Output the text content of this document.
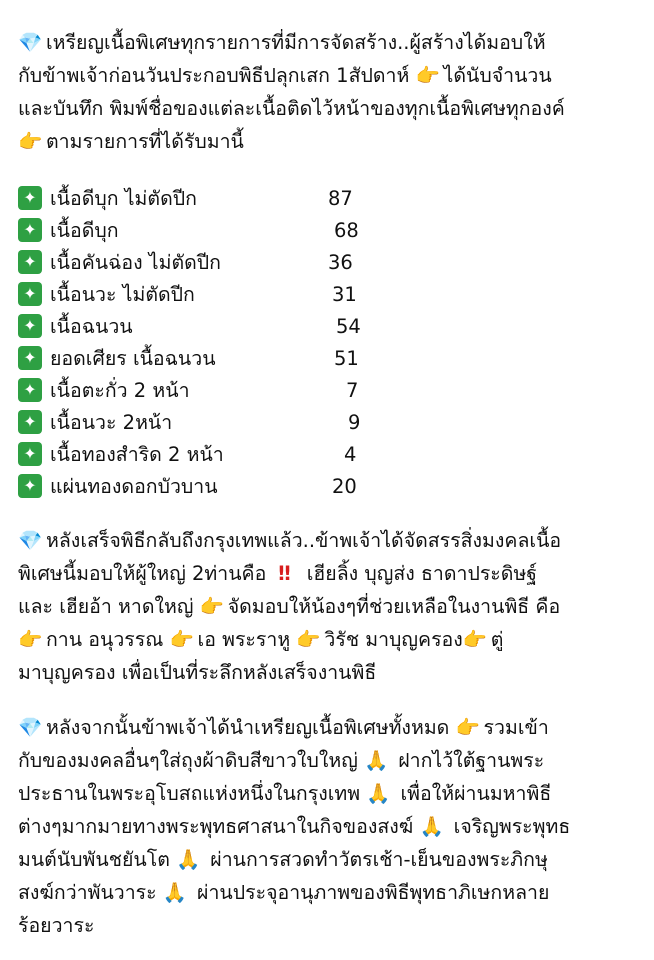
💎 เหรียญเนื้อพิเศษทุกรายการที่มีการจัดสร้าง..ผู้สร้างได้มอบให้
กับข้าพเจ้าก่อนวันประกอบพิธีปลุกเสก 1สัปดาห์ 👉 ได้นับจำนวน
และบันทึก พิมพ์ชื่อของแต่ละเนื้อติดไว้หน้าของทุกเนื้อพิเศษทุกองค์
👉 ตามรายการที่ได้รับมานี้

✦ เนื้อดีบุก ไม่ตัดปีก	87
✦ เนื้อดีบุก	68
✦ เนื้อคันฉ่อง ไม่ตัดปีก	36
✦ เนื้อนวะ ไม่ตัดปีก	31
✦ เนื้อฉนวน	54
✦ ยอดเศียร เนื้อฉนวน	51
✦ เนื้อตะกั่ว 2 หน้า	7
✦ เนื้อนวะ 2หน้า	9
✦ เนื้อทองสำริด 2 หน้า	4
✦ แผ่นทองดอกบัวบาน	20

💎 หลังเสร็จพิธีกลับถึงกรุงเทพแล้ว..ข้าพเจ้าได้จัดสรรสิ่งมงคลเนื้อ
พิเศษนี้มอบให้ผู้ใหญ่ 2ท่านคือ ‼ เฮียลิ้ง บุญส่ง ธาดาประดิษฐ์
และ เฮียอ้า หาดใหญ่ 👉 จัดมอบให้น้องๆที่ช่วยเหลือในงานพิธี คือ
👉 กาน อนุวรรณ 👉 เอ พระราหู 👉 วิรัช มาบุญครอง👉 ตู่
มาบุญครอง เพื่อเป็นที่ระลึกหลังเสร็จงานพิธี

💎 หลังจากนั้นข้าพเจ้าได้นำเหรียญเนื้อพิเศษทั้งหมด 👉 รวมเข้า
กับของมงคลอื่นๆใส่ถุงผ้าดิบสีขาวใบใหญ่ 🙏 ฝากไว้ใต้ฐานพระ
ประธานในพระอุโบสถแห่งหนึ่งในกรุงเทพ 🙏 เพื่อให้ผ่านมหาพิธี
ต่างๆมากมายทางพระพุทธศาสนาในกิจของสงฆ์ 🙏 เจริญพระพุทธ
มนต์นับพันชยันโต 🙏 ผ่านการสวดทำวัตรเช้า-เย็นของพระภิกษุ
สงฆ์กว่าพันวาระ 🙏 ผ่านประจุอานุภาพของพิธีพุทธาภิเษกหลาย
ร้อยวาระ
